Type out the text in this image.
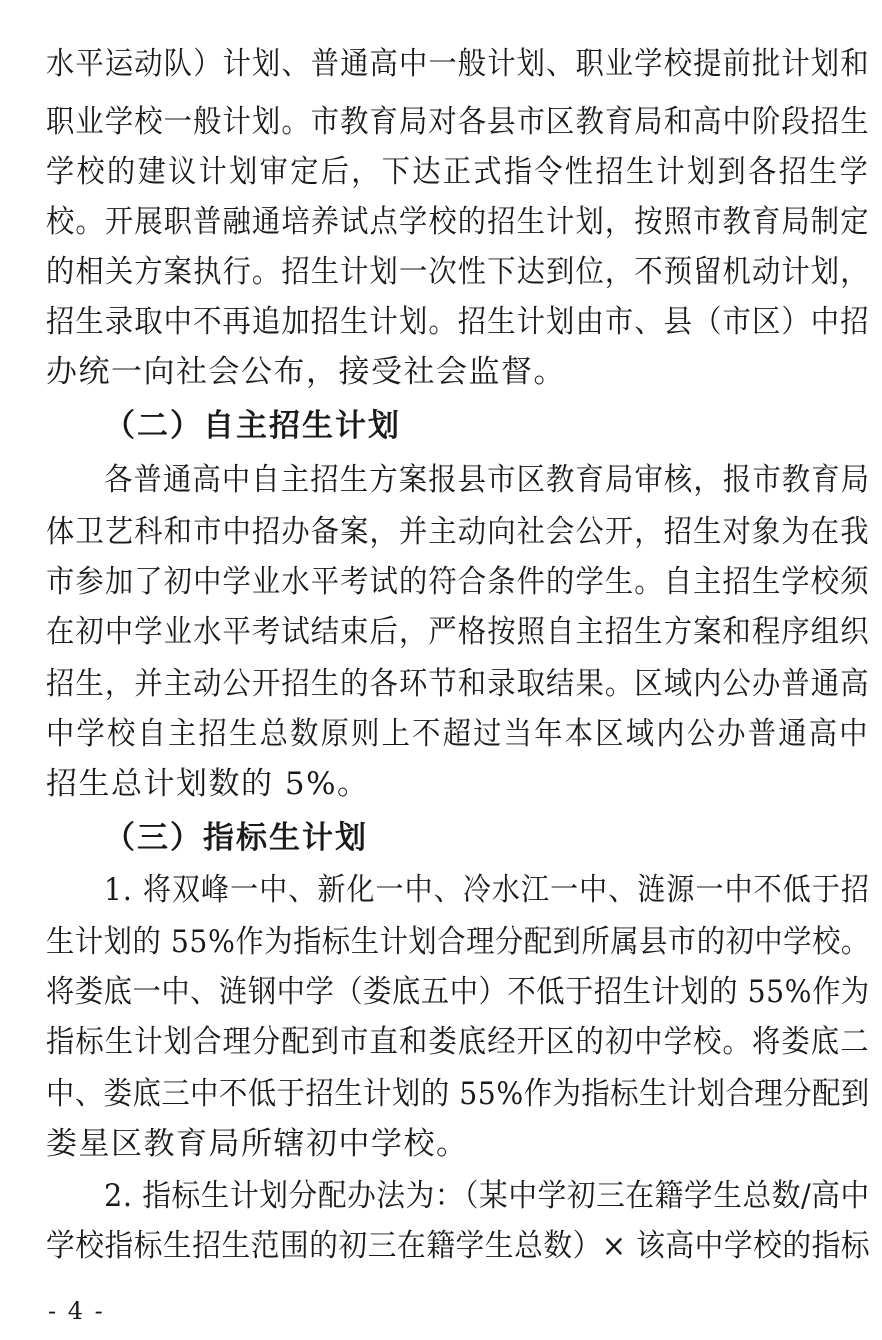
水平运动队）计划、普通高中一般计划、职业学校提前批计划和
职业学校一般计划。市教育局对各县市区教育局和高中阶段招生
学校的建议计划审定后，下达正式指令性招生计划到各招生学
校。开展职普融通培养试点学校的招生计划，按照市教育局制定
的相关方案执行。招生计划一次性下达到位，不预留机动计划，
招生录取中不再追加招生计划。招生计划由市、县（市区）中招
办统一向社会公布，接受社会监督。
（二）自主招生计划
各普通高中自主招生方案报县市区教育局审核，报市教育局
体卫艺科和市中招办备案，并主动向社会公开，招生对象为在我
市参加了初中学业水平考试的符合条件的学生。自主招生学校须
在初中学业水平考试结束后，严格按照自主招生方案和程序组织
招生，并主动公开招生的各环节和录取结果。区域内公办普通高
中学校自主招生总数原则上不超过当年本区域内公办普通高中
招生总计划数的 5%。
（三）指标生计划
1. 将双峰一中、新化一中、冷水江一中、涟源一中不低于招
生计划的 55%作为指标生计划合理分配到所属县市的初中学校。
将娄底一中、涟钢中学（娄底五中）不低于招生计划的 55%作为
指标生计划合理分配到市直和娄底经开区的初中学校。将娄底二
中、娄底三中不低于招生计划的 55%作为指标生计划合理分配到
娄星区教育局所辖初中学校。
2. 指标生计划分配办法为：（某中学初三在籍学生总数/高中
学校指标生招生范围的初三在籍学生总数）× 该高中学校的指标
- 4 -
